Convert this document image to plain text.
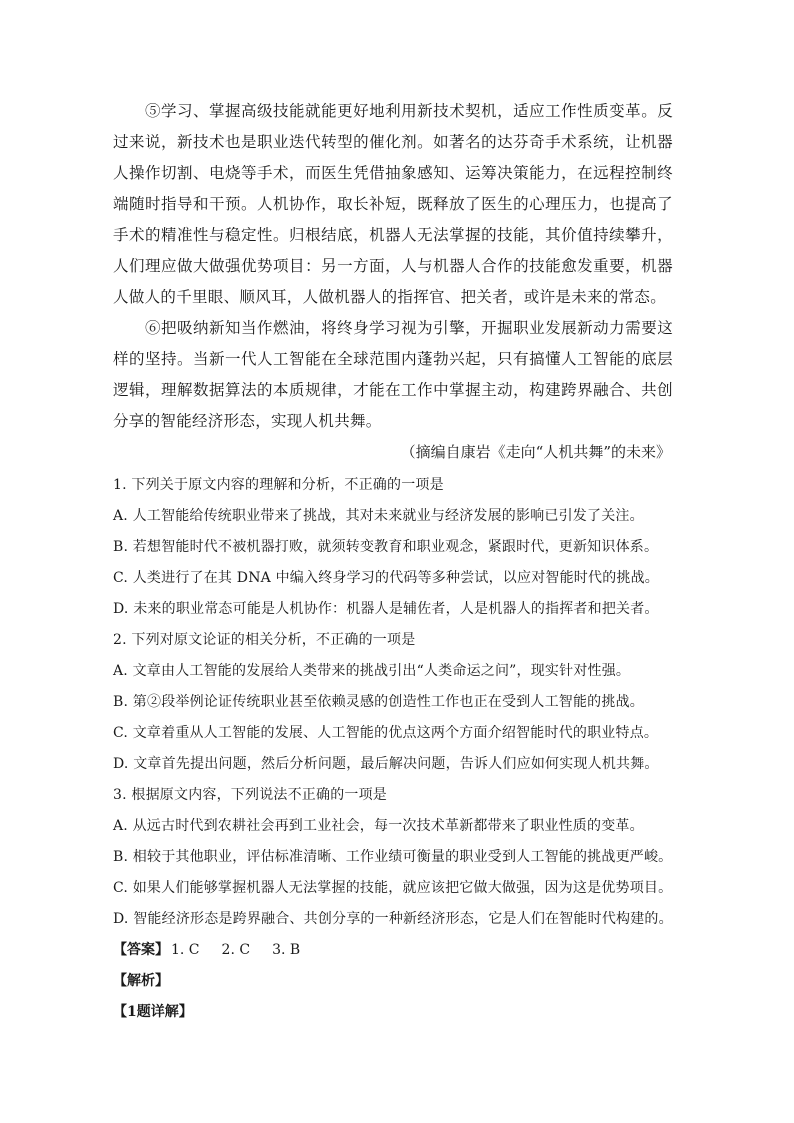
⑤学习、掌握高级技能就能更好地利用新技术契机，适应工作性质变革。反过来说，新技术也是职业迭代转型的催化剂。如著名的达芬奇手术系统，让机器人操作切割、电烧等手术，而医生凭借抽象感知、运筹决策能力，在远程控制终端随时指导和干预。人机协作，取长补短，既释放了医生的心理压力，也提高了手术的精准性与稳定性。归根结底，机器人无法掌握的技能，其价值持续攀升，人们理应做大做强优势项目：另一方面，人与机器人合作的技能愈发重要，机器人做人的千里眼、顺风耳，人做机器人的指挥官、把关者，或许是未来的常态。

⑥把吸纳新知当作燃油，将终身学习视为引擎，开掘职业发展新动力需要这样的坚持。当新一代人工智能在全球范围内蓬勃兴起，只有搞懂人工智能的底层逻辑，理解数据算法的本质规律，才能在工作中掌握主动，构建跨界融合、共创分享的智能经济形态，实现人机共舞。

（摘编自康岩《走向“人机共舞”的未来》

1. 下列关于原文内容的理解和分析，不正确的一项是

A. 人工智能给传统职业带来了挑战，其对未来就业与经济发展的影响已引发了关注。

B. 若想智能时代不被机器打败，就须转变教育和职业观念，紧跟时代，更新知识体系。

C. 人类进行了在其 DNA 中编入终身学习的代码等多种尝试，以应对智能时代的挑战。

D. 未来的职业常态可能是人机协作：机器人是辅佐者，人是机器人的指挥者和把关者。

2. 下列对原文论证的相关分析，不正确的一项是

A. 文章由人工智能的发展给人类带来的挑战引出“人类命运之问”，现实针对性强。

B. 第②段举例论证传统职业甚至依赖灵感的创造性工作也正在受到人工智能的挑战。

C. 文章着重从人工智能的发展、人工智能的优点这两个方面介绍智能时代的职业特点。

D. 文章首先提出问题，然后分析问题，最后解决问题，告诉人们应如何实现人机共舞。

3. 根据原文内容，下列说法不正确的一项是

A. 从远古时代到农耕社会再到工业社会，每一次技术革新都带来了职业性质的变革。

B. 相较于其他职业，评估标准清晰、工作业绩可衡量的职业受到人工智能的挑战更严峻。

C. 如果人们能够掌握机器人无法掌握的技能，就应该把它做大做强，因为这是优势项目。

D. 智能经济形态是跨界融合、共创分享的一种新经济形态，它是人们在智能时代构建的。

【答案】 1. C 2. C 3. B

【解析】

【1题详解】
